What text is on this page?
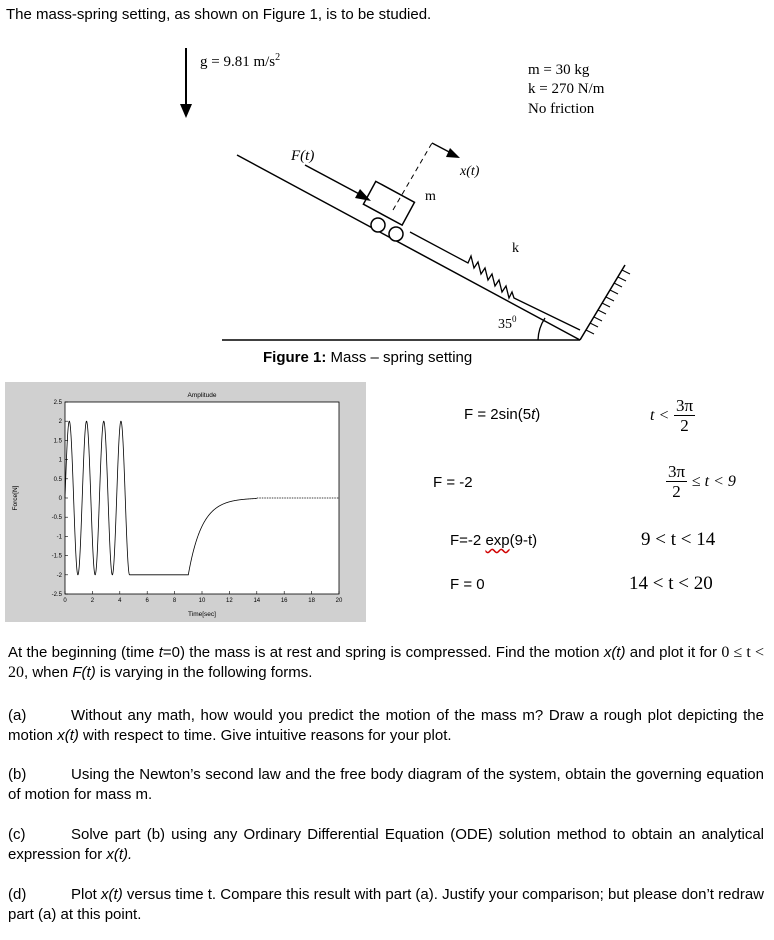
The mass-spring setting, as shown on Figure 1, is to be studied.
g = 9.81 $m/s^2$
m = 30 kg
k = 270 N/m
No friction
$35^0$
m
F(t)
x(t)
k
Figure 1: Mass – spring setting
Amplitude
Time[sec]
Force[N]
2.5
2
1.5
1
0.5
0
-0.5
-1
-1.5
-2
-2.5
0	2	4	6	8	10	12	14	16	18	20
F = 2sin(5t)	$t < \frac{3\pi}{2}$
F = -2	$\frac{3\pi}{2} \le t < 9$
F=-2 exp(9-t)	9 < t < 14
F = 0	14 < t < 20
At the beginning (time t=0) the mass is at rest and spring is compressed. Find the motion x(t) and plot it for 0 ≤ t < 20, when F(t) is varying in the following forms.
(a)	Without any math, how would you predict the motion of the mass m? Draw a rough plot depicting the motion x(t) with respect to time. Give intuitive reasons for your plot.
(b)	Using the Newton’s second law and the free body diagram of the system, obtain the governing equation of motion for mass m.
(c)	Solve part (b) using any Ordinary Differential Equation (ODE) solution method to obtain an analytical expression for x(t).
(d)	Plot x(t) versus time t. Compare this result with part (a). Justify your comparison; but please don’t redraw part (a) at this point.
